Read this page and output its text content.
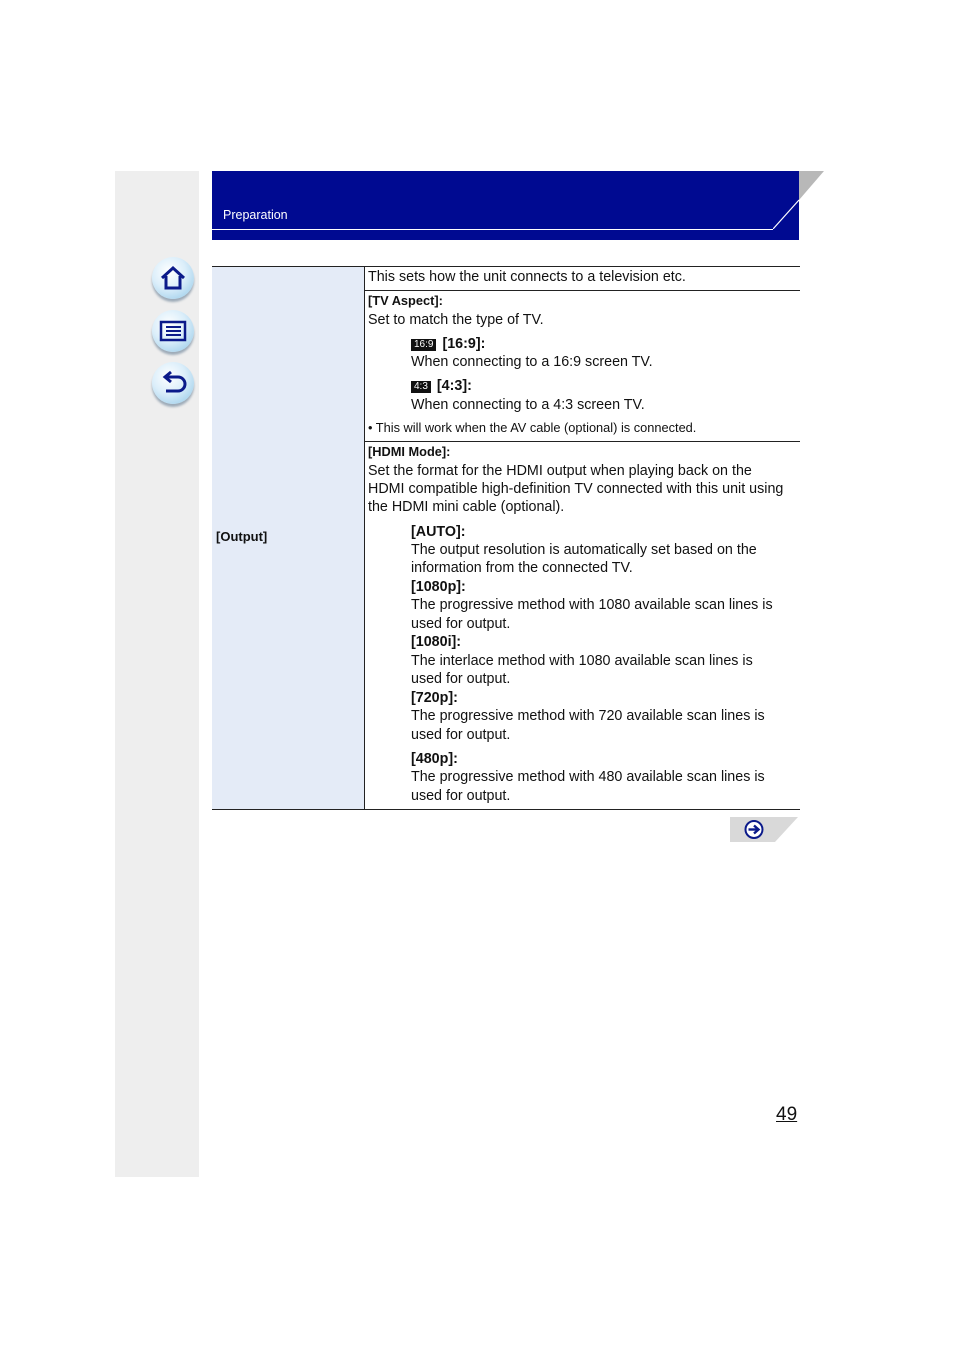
Preparation
[Output]
This sets how the unit connects to a television etc.
[TV Aspect]:
Set to match the type of TV.
16:9 [16:9]:
When connecting to a 16:9 screen TV.
4:3 [4:3]:
When connecting to a 4:3 screen TV.
• This will work when the AV cable (optional) is connected.
[HDMI Mode]:
Set the format for the HDMI output when playing back on the
HDMI compatible high-definition TV connected with this unit using
the HDMI mini cable (optional).
[AUTO]:
The output resolution is automatically set based on the
information from the connected TV.
[1080p]:
The progressive method with 1080 available scan lines is
used for output.
[1080i]:
The interlace method with 1080 available scan lines is
used for output.
[720p]:
The progressive method with 720 available scan lines is
used for output.
[480p]:
The progressive method with 480 available scan lines is
used for output.
49
